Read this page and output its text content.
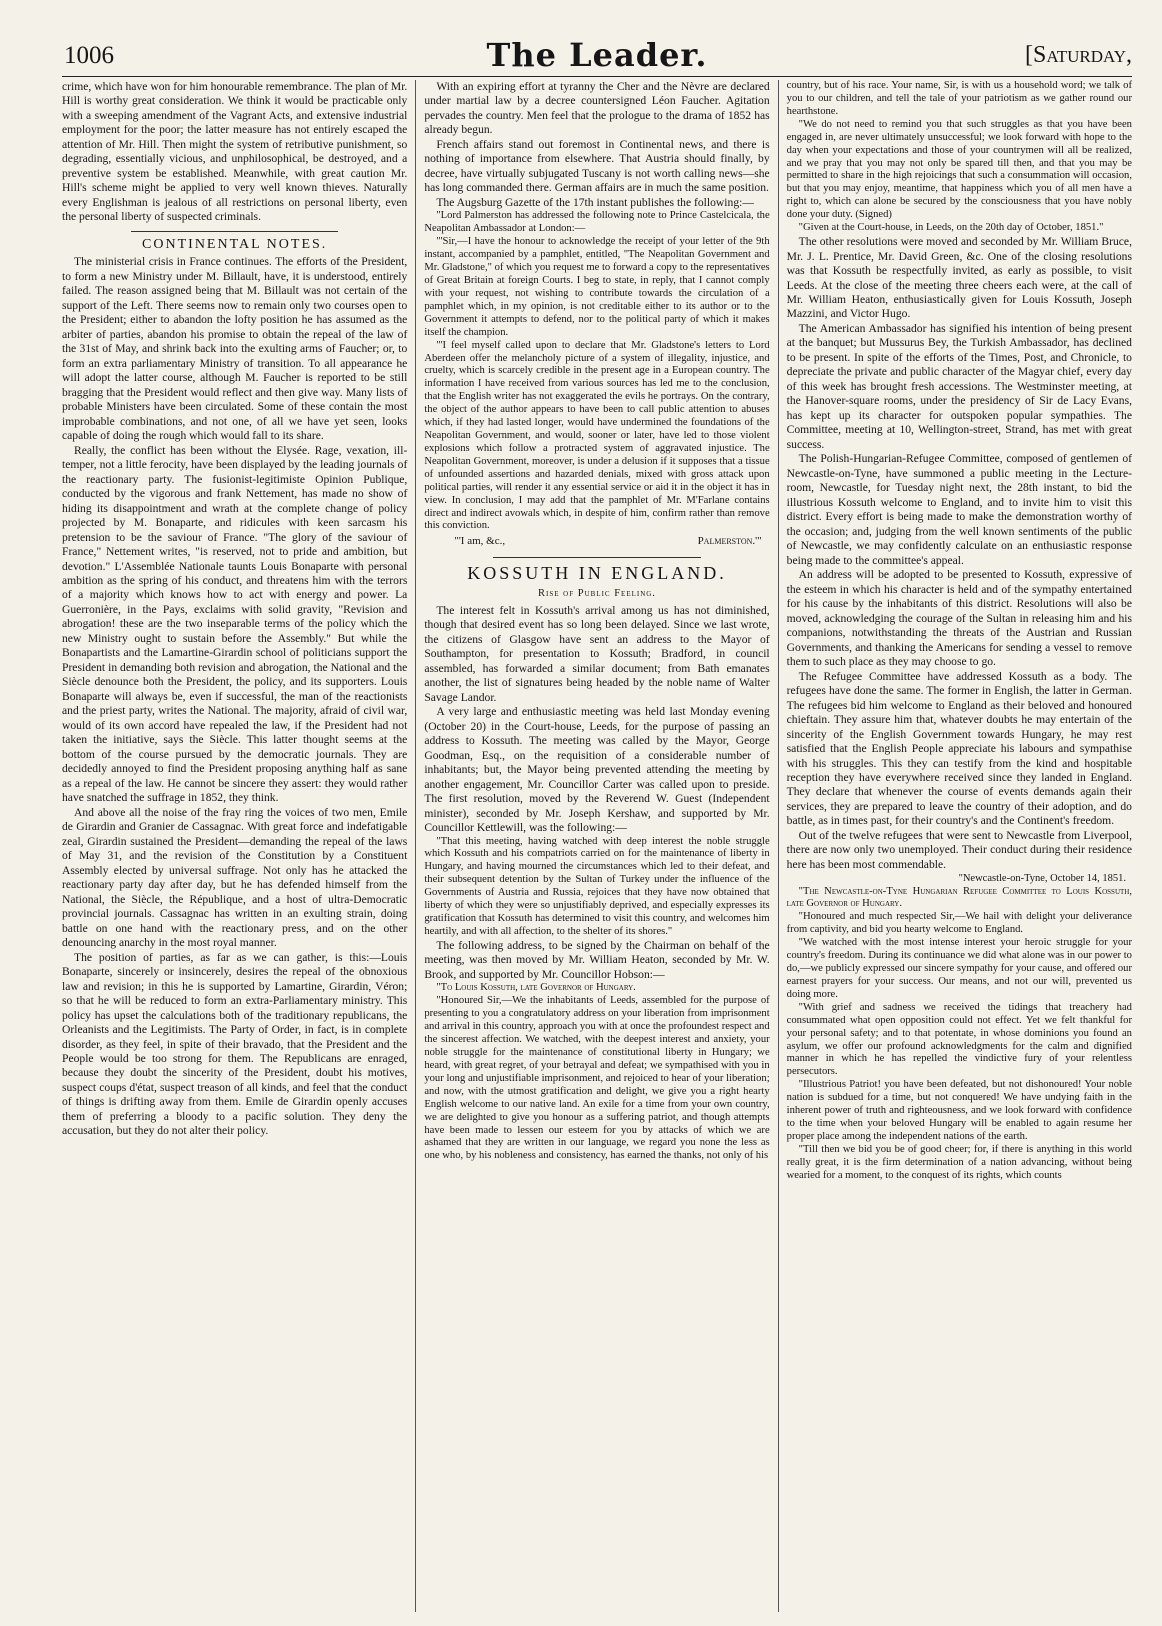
1006	The Leader.	[Saturday,

crime, which have won for him honourable remembrance. The plan of Mr. Hill is worthy great consideration. We think it would be practicable only with a sweeping amendment of the Vagrant Acts, and extensive industrial employment for the poor; the latter measure has not entirely escaped the attention of Mr. Hill. Then might the system of retributive punishment, so degrading, essentially vicious, and unphilosophical, be destroyed, and a preventive system be established. Meanwhile, with great caution Mr. Hill's scheme might be applied to very well known thieves. Naturally every Englishman is jealous of all restrictions on personal liberty, even the personal liberty of suspected criminals.

CONTINENTAL NOTES.

The ministerial crisis in France continues. The efforts of the President, to form a new Ministry under M. Billault, have, it is understood, entirely failed. The reason assigned being that M. Billault was not certain of the support of the Left. There seems now to remain only two courses open to the President; either to abandon the lofty position he has assumed as the arbiter of parties, abandon his promise to obtain the repeal of the law of the 31st of May, and shrink back into the exulting arms of Faucher; or, to form an extra parliamentary Ministry of transition. To all appearance he will adopt the latter course, although M. Faucher is reported to be still bragging that the President would reflect and then give way. Many lists of probable Ministers have been circulated. Some of these contain the most improbable combinations, and not one, of all we have yet seen, looks capable of doing the rough which would fall to its share.

Really, the conflict has been without the Elysée. Rage, vexation, ill-temper, not a little ferocity, have been displayed by the leading journals of the reactionary party. The fusionist-legitimiste Opinion Publique, conducted by the vigorous and frank Nettement, has made no show of hiding its disappointment and wrath at the complete change of policy projected by M. Bonaparte, and ridicules with keen sarcasm his pretension to be the saviour of France. "The glory of the saviour of France," Nettement writes, "is reserved, not to pride and ambition, but devotion." L'Assemblée Nationale taunts Louis Bonaparte with personal ambition as the spring of his conduct, and threatens him with the terrors of a majority which knows how to act with energy and power. La Guerronière, in the Pays, exclaims with solid gravity, "Revision and abrogation! these are the two inseparable terms of the policy which the new Ministry ought to sustain before the Assembly." But while the Bonapartists and the Lamartine-Girardin school of politicians support the President in demanding both revision and abrogation, the National and the Siècle denounce both the President, the policy, and its supporters. Louis Bonaparte will always be, even if successful, the man of the reactionists and the priest party, writes the National. The majority, afraid of civil war, would of its own accord have repealed the law, if the President had not taken the initiative, says the Siècle. This latter thought seems at the bottom of the course pursued by the democratic journals. They are decidedly annoyed to find the President proposing anything half as sane as a repeal of the law. He cannot be sincere they assert: they would rather have snatched the suffrage in 1852, they think.

And above all the noise of the fray ring the voices of two men, Emile de Girardin and Granier de Cassagnac. With great force and indefatigable zeal, Girardin sustained the President—demanding the repeal of the laws of May 31, and the revision of the Constitution by a Constituent Assembly elected by universal suffrage. Not only has he attacked the reactionary party day after day, but he has defended himself from the National, the Siècle, the République, and a host of ultra-Democratic provincial journals. Cassagnac has written in an exulting strain, doing battle on one hand with the reactionary press, and on the other denouncing anarchy in the most royal manner.

The position of parties, as far as we can gather, is this:—Louis Bonaparte, sincerely or insincerely, desires the repeal of the obnoxious law and revision; in this he is supported by Lamartine, Girardin, Véron; so that he will be reduced to form an extra-Parliamentary ministry. This policy has upset the calculations both of the traditionary republicans, the Orleanists and the Legitimists. The Party of Order, in fact, is in complete disorder, as they feel, in spite of their bravado, that the President and the People would be too strong for them. The Republicans are enraged, because they doubt the sincerity of the President, doubt his motives, suspect coups d'état, suspect treason of all kinds, and feel that the conduct of things is drifting away from them. Emile de Girardin openly accuses them of preferring a bloody to a pacific solution. They deny the accusation, but they do not alter their policy.

With an expiring effort at tyranny the Cher and the Nèvre are declared under martial law by a decree countersigned Léon Faucher. Agitation pervades the country. Men feel that the prologue to the drama of 1852 has already begun.

French affairs stand out foremost in Continental news, and there is nothing of importance from elsewhere. That Austria should finally, by decree, have virtually subjugated Tuscany is not worth calling news—she has long commanded there. German affairs are in much the same position.

The Augsburg Gazette of the 17th instant publishes the following:—

"Lord Palmerston has addressed the following note to Prince Castelcicala, the Neapolitan Ambassador at London:—

"'Sir,—I have the honour to acknowledge the receipt of your letter of the 9th instant, accompanied by a pamphlet, entitled, "The Neapolitan Government and Mr. Gladstone," of which you request me to forward a copy to the representatives of Great Britain at foreign Courts. I beg to state, in reply, that I cannot comply with your request, not wishing to contribute towards the circulation of a pamphlet which, in my opinion, is not creditable either to its author or to the Government it attempts to defend, nor to the political party of which it makes itself the champion.

"'I feel myself called upon to declare that Mr. Gladstone's letters to Lord Aberdeen offer the melancholy picture of a system of illegality, injustice, and cruelty, which is scarcely credible in the present age in a European country. The information I have received from various sources has led me to the conclusion, that the English writer has not exaggerated the evils he portrays. On the contrary, the object of the author appears to have been to call public attention to abuses which, if they had lasted longer, would have undermined the foundations of the Neapolitan Government, and would, sooner or later, have led to those violent explosions which follow a protracted system of aggravated injustice. The Neapolitan Government, moreover, is under a delusion if it supposes that a tissue of unfounded assertions and hazarded denials, mixed with gross attack upon political parties, will render it any essential service or aid it in the object it has in view. In conclusion, I may add that the pamphlet of Mr. M'Farlane contains direct and indirect avowals which, in despite of him, confirm rather than remove this conviction.

"'I am, &c.,	Palmerston.'"
KOSSUTH IN ENGLAND.
Rise of Public Feeling.

The interest felt in Kossuth's arrival among us has not diminished, though that desired event has so long been delayed. Since we last wrote, the citizens of Glasgow have sent an address to the Mayor of Southampton, for presentation to Kossuth; Bradford, in council assembled, has forwarded a similar document; from Bath emanates another, the list of signatures being headed by the noble name of Walter Savage Landor.

A very large and enthusiastic meeting was held last Monday evening (October 20) in the Court-house, Leeds, for the purpose of passing an address to Kossuth. The meeting was called by the Mayor, George Goodman, Esq., on the requisition of a considerable number of inhabitants; but, the Mayor being prevented attending the meeting by another engagement, Mr. Councillor Carter was called upon to preside. The first resolution, moved by the Reverend W. Guest (Independent minister), seconded by Mr. Joseph Kershaw, and supported by Mr. Councillor Kettlewill, was the following:—

"That this meeting, having watched with deep interest the noble struggle which Kossuth and his compatriots carried on for the maintenance of liberty in Hungary, and having mourned the circumstances which led to their defeat, and their subsequent detention by the Sultan of Turkey under the influence of the Governments of Austria and Russia, rejoices that they have now obtained that liberty of which they were so unjustifiably deprived, and especially expresses its gratification that Kossuth has determined to visit this country, and welcomes him heartily, and with all affection, to the shelter of its shores."

The following address, to be signed by the Chairman on behalf of the meeting, was then moved by Mr. William Heaton, seconded by Mr. W. Brook, and supported by Mr. Councillor Hobson:—

"To Louis Kossuth, late Governor of Hungary.

"Honoured Sir,—We the inhabitants of Leeds, assembled for the purpose of presenting to you a congratulatory address on your liberation from imprisonment and arrival in this country, approach you with at once the profoundest respect and the sincerest affection. We watched, with the deepest interest and anxiety, your noble struggle for the maintenance of constitutional liberty in Hungary; we heard, with great regret, of your betrayal and defeat; we sympathised with you in your long and unjustifiable imprisonment, and rejoiced to hear of your liberation; and now, with the utmost gratification and delight, we give you a right hearty English welcome to our native land. An exile for a time from your own country, we are delighted to give you honour as a suffering patriot, and though attempts have been made to lessen our esteem for you by attacks of which we are ashamed that they are written in our language, we regard you none the less as one who, by his nobleness and consistency, has earned the thanks, not only of his

country, but of his race. Your name, Sir, is with us a household word; we talk of you to our children, and tell the tale of your patriotism as we gather round our hearthstone.

"We do not need to remind you that such struggles as that you have been engaged in, are never ultimately unsuccessful; we look forward with hope to the day when your expectations and those of your countrymen will all be realized, and we pray that you may not only be spared till then, and that you may be permitted to share in the high rejoicings that such a consummation will occasion, but that you may enjoy, meantime, that happiness which you of all men have a right to, which can alone be secured by the consciousness that you have nobly done your duty. (Signed)

"Given at the Court-house, in Leeds, on the 20th day of October, 1851."

The other resolutions were moved and seconded by Mr. William Bruce, Mr. J. L. Prentice, Mr. David Green, &c. One of the closing resolutions was that Kossuth be respectfully invited, as early as possible, to visit Leeds. At the close of the meeting three cheers each were, at the call of Mr. William Heaton, enthusiastically given for Louis Kossuth, Joseph Mazzini, and Victor Hugo.

The American Ambassador has signified his intention of being present at the banquet; but Mussurus Bey, the Turkish Ambassador, has declined to be present. In spite of the efforts of the Times, Post, and Chronicle, to depreciate the private and public character of the Magyar chief, every day of this week has brought fresh accessions. The Westminster meeting, at the Hanover-square rooms, under the presidency of Sir de Lacy Evans, has kept up its character for outspoken popular sympathies. The Committee, meeting at 10, Wellington-street, Strand, has met with great success.

The Polish-Hungarian-Refugee Committee, composed of gentlemen of Newcastle-on-Tyne, have summoned a public meeting in the Lecture-room, Newcastle, for Tuesday night next, the 28th instant, to bid the illustrious Kossuth welcome to England, and to invite him to visit this district. Every effort is being made to make the demonstration worthy of the occasion; and, judging from the well known sentiments of the public of Newcastle, we may confidently calculate on an enthusiastic response being made to the committee's appeal.

An address will be adopted to be presented to Kossuth, expressive of the esteem in which his character is held and of the sympathy entertained for his cause by the inhabitants of this district. Resolutions will also be moved, acknowledging the courage of the Sultan in releasing him and his companions, notwithstanding the threats of the Austrian and Russian Governments, and thanking the Americans for sending a vessel to remove them to such place as they may choose to go.

The Refugee Committee have addressed Kossuth as a body. The refugees have done the same. The former in English, the latter in German. The refugees bid him welcome to England as their beloved and honoured chieftain. They assure him that, whatever doubts he may entertain of the sincerity of the English Government towards Hungary, he may rest satisfied that the English People appreciate his labours and sympathise with his struggles. This they can testify from the kind and hospitable reception they have everywhere received since they landed in England. They declare that whenever the course of events demands again their services, they are prepared to leave the country of their adoption, and do battle, as in times past, for their country's and the Continent's freedom.

Out of the twelve refugees that were sent to Newcastle from Liverpool, there are now only two unemployed. Their conduct during their residence here has been most commendable.

"Newcastle-on-Tyne, October 14, 1851.

"The Newcastle-on-Tyne Hungarian Refugee Committee to Louis Kossuth, late Governor of Hungary.

"Honoured and much respected Sir,—We hail with delight your deliverance from captivity, and bid you hearty welcome to England.

"We watched with the most intense interest your heroic struggle for your country's freedom. During its continuance we did what alone was in our power to do,—we publicly expressed our sincere sympathy for your cause, and offered our earnest prayers for your success. Our means, and not our will, prevented us doing more.

"With grief and sadness we received the tidings that treachery had consummated what open opposition could not effect. Yet we felt thankful for your personal safety; and to that potentate, in whose dominions you found an asylum, we offer our profound acknowledgments for the calm and dignified manner in which he has repelled the vindictive fury of your relentless persecutors.

"Illustrious Patriot! you have been defeated, but not dishonoured! Your noble nation is subdued for a time, but not conquered! We have undying faith in the inherent power of truth and righteousness, and we look forward with confidence to the time when your beloved Hungary will be enabled to again resume her proper place among the independent nations of the earth.

"Till then we bid you be of good cheer; for, if there is anything in this world really great, it is the firm determination of a nation advancing, without being wearied for a moment, to the conquest of its rights, which counts
